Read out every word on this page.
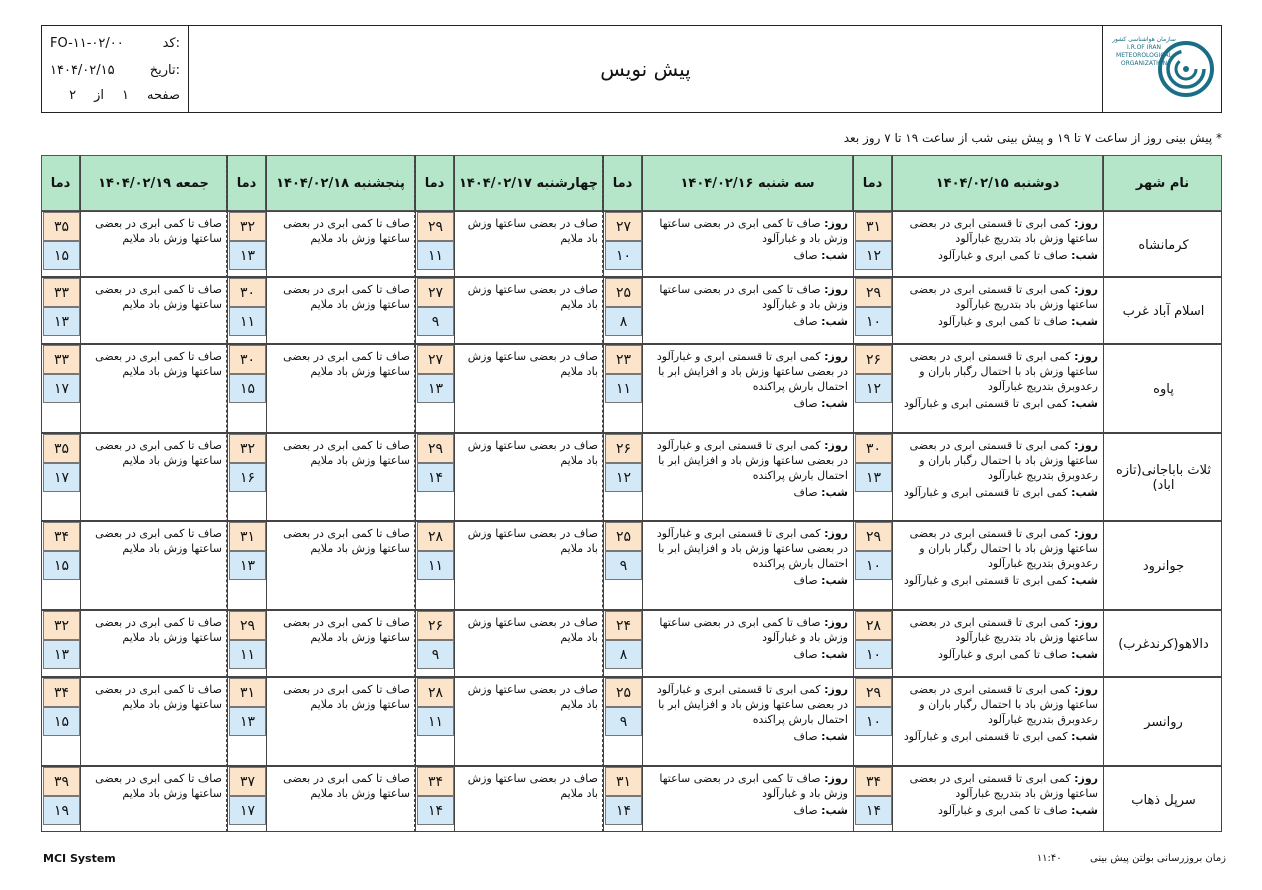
کد:
FO-۱۱-۰۲/۰۰
تاریخ:
۱۴۰۴/۰۲/۱۵
صفحه
۱
از
۲
پیش نویس
سازمان هواشناسی کشور
I.R.OF IRAN
METEOROLOGICAL
ORGANIZATION
* پیش بینی روز از ساعت ۷ تا ۱۹ و پیش بینی شب از ساعت ۱۹ تا ۷ روز بعد
نام شهر
دوشنبه ۱۴۰۴/۰۲/۱۵
دما
سه شنبه ۱۴۰۴/۰۲/۱۶
دما
چهارشنبه ۱۴۰۴/۰۲/۱۷
دما
پنجشنبه ۱۴۰۴/۰۲/۱۸
دما
جمعه ۱۴۰۴/۰۲/۱۹
دما
کرمانشاه
روز: کمی ابری تا قسمتی ابری در بعضی ساعتها وزش باد بتدریج غبارآلود
شب: صاف تا کمی ابری و غبارآلود
۳۱
۱۲
روز: صاف تا کمی ابری در بعضی ساعتها وزش باد و غبارآلود
شب: صاف
۲۷
۱۰
صاف در بعضی ساعتها وزش باد ملایم
۲۹
۱۱
صاف تا کمی ابری در بعضی ساعتها وزش باد ملایم
۳۲
۱۳
صاف تا کمی ابری در بعضی ساعتها وزش باد ملایم
۳۵
۱۵
اسلام آباد غرب
روز: کمی ابری تا قسمتی ابری در بعضی ساعتها وزش باد بتدریج غبارآلود
شب: صاف تا کمی ابری و غبارآلود
۲۹
۱۰
روز: صاف تا کمی ابری در بعضی ساعتها وزش باد و غبارآلود
شب: صاف
۲۵
۸
صاف در بعضی ساعتها وزش باد ملایم
۲۷
۹
صاف تا کمی ابری در بعضی ساعتها وزش باد ملایم
۳۰
۱۱
صاف تا کمی ابری در بعضی ساعتها وزش باد ملایم
۳۳
۱۳
پاوه
روز: کمی ابری تا قسمتی ابری در بعضی ساعتها وزش باد با احتمال رگبار باران و رعدوبرق بتدریج غبارآلود
شب: کمی ابری تا قسمتی ابری و غبارآلود
۲۶
۱۲
روز: کمی ابری تا قسمتی ابری و غبارآلود در بعضی ساعتها وزش باد و افزایش ابر با احتمال بارش پراکنده
شب: صاف
۲۳
۱۱
صاف در بعضی ساعتها وزش باد ملایم
۲۷
۱۳
صاف تا کمی ابری در بعضی ساعتها وزش باد ملایم
۳۰
۱۵
صاف تا کمی ابری در بعضی ساعتها وزش باد ملایم
۳۳
۱۷
ثلاث باباجانی(تازه اباد)
روز: کمی ابری تا قسمتی ابری در بعضی ساعتها وزش باد با احتمال رگبار باران و رعدوبرق بتدریج غبارآلود
شب: کمی ابری تا قسمتی ابری و غبارآلود
۳۰
۱۳
روز: کمی ابری تا قسمتی ابری و غبارآلود در بعضی ساعتها وزش باد و افزایش ابر با احتمال بارش پراکنده
شب: صاف
۲۶
۱۲
صاف در بعضی ساعتها وزش باد ملایم
۲۹
۱۴
صاف تا کمی ابری در بعضی ساعتها وزش باد ملایم
۳۲
۱۶
صاف تا کمی ابری در بعضی ساعتها وزش باد ملایم
۳۵
۱۷
جوانرود
روز: کمی ابری تا قسمتی ابری در بعضی ساعتها وزش باد با احتمال رگبار باران و رعدوبرق بتدریج غبارآلود
شب: کمی ابری تا قسمتی ابری و غبارآلود
۲۹
۱۰
روز: کمی ابری تا قسمتی ابری و غبارآلود در بعضی ساعتها وزش باد و افزایش ابر با احتمال بارش پراکنده
شب: صاف
۲۵
۹
صاف در بعضی ساعتها وزش باد ملایم
۲۸
۱۱
صاف تا کمی ابری در بعضی ساعتها وزش باد ملایم
۳۱
۱۳
صاف تا کمی ابری در بعضی ساعتها وزش باد ملایم
۳۴
۱۵
دالاهو(کرندغرب)
روز: کمی ابری تا قسمتی ابری در بعضی ساعتها وزش باد بتدریج غبارآلود
شب: صاف تا کمی ابری و غبارآلود
۲۸
۱۰
روز: صاف تا کمی ابری در بعضی ساعتها وزش باد و غبارآلود
شب: صاف
۲۴
۸
صاف در بعضی ساعتها وزش باد ملایم
۲۶
۹
صاف تا کمی ابری در بعضی ساعتها وزش باد ملایم
۲۹
۱۱
صاف تا کمی ابری در بعضی ساعتها وزش باد ملایم
۳۲
۱۳
روانسر
روز: کمی ابری تا قسمتی ابری در بعضی ساعتها وزش باد با احتمال رگبار باران و رعدوبرق بتدریج غبارآلود
شب: کمی ابری تا قسمتی ابری و غبارآلود
۲۹
۱۰
روز: کمی ابری تا قسمتی ابری و غبارآلود در بعضی ساعتها وزش باد و افزایش ابر با احتمال بارش پراکنده
شب: صاف
۲۵
۹
صاف در بعضی ساعتها وزش باد ملایم
۲۸
۱۱
صاف تا کمی ابری در بعضی ساعتها وزش باد ملایم
۳۱
۱۳
صاف تا کمی ابری در بعضی ساعتها وزش باد ملایم
۳۴
۱۵
سرپل ذهاب
روز: کمی ابری تا قسمتی ابری در بعضی ساعتها وزش باد بتدریج غبارآلود
شب: صاف تا کمی ابری و غبارآلود
۳۴
۱۴
روز: صاف تا کمی ابری در بعضی ساعتها وزش باد و غبارآلود
شب: صاف
۳۱
۱۴
صاف در بعضی ساعتها وزش باد ملایم
۳۴
۱۴
صاف تا کمی ابری در بعضی ساعتها وزش باد ملایم
۳۷
۱۷
صاف تا کمی ابری در بعضی ساعتها وزش باد ملایم
۳۹
۱۹
MCI System	زمان بروزرسانی بولتن پیش بینی  ۱۱:۴۰
